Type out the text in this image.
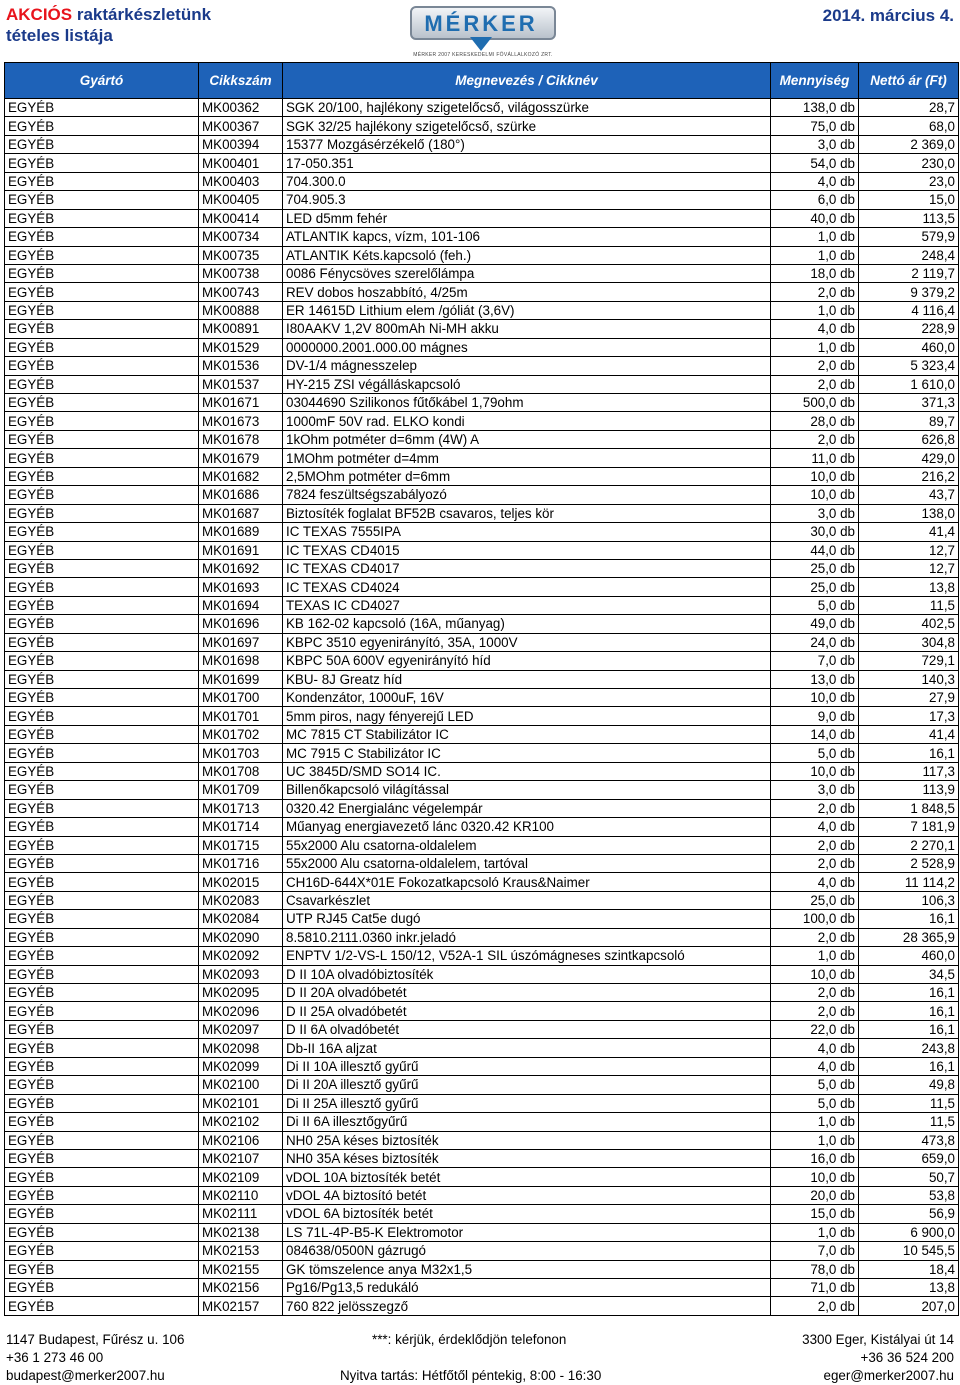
AKCIÓS raktárkészletünk
tételes listája	MÉRKER
MÉRKER 2007 KERESKEDELMI FÖVÁLLALKOZÓ ZRT.
2014. március 4.
Gyártó	Cikkszám	Megnevezés / Cikknév	Mennyiség	Nettó ár (Ft)
EGYÉB	MK00362	SGK 20/100, hajlékony szigetelőcső, világosszürke	138,0 db	28,7
EGYÉB	MK00367	SGK 32/25 hajlékony szigetelőcső, szürke	75,0 db	68,0
EGYÉB	MK00394	15377 Mozgásérzékelő (180°)	3,0 db	2 369,0
EGYÉB	MK00401	17-050.351	54,0 db	230,0
EGYÉB	MK00403	704.300.0	4,0 db	23,0
EGYÉB	MK00405	704.905.3	6,0 db	15,0
EGYÉB	MK00414	LED d5mm fehér	40,0 db	113,5
EGYÉB	MK00734	ATLANTIK kapcs, vízm, 101-106	1,0 db	579,9
EGYÉB	MK00735	ATLANTIK Kéts.kapcsoló (feh.)	1,0 db	248,4
EGYÉB	MK00738	0086 Fénycsöves szerelőlámpa	18,0 db	2 119,7
EGYÉB	MK00743	REV dobos hoszabbító, 4/25m	2,0 db	9 379,2
EGYÉB	MK00888	ER 14615D Lithium elem /góliát (3,6V)	1,0 db	4 116,4
EGYÉB	MK00891	I80AAKV 1,2V 800mAh Ni-MH akku	4,0 db	228,9
EGYÉB	MK01529	0000000.2001.000.00 mágnes	1,0 db	460,0
EGYÉB	MK01536	DV-1/4 mágnesszelep	2,0 db	5 323,4
EGYÉB	MK01537	HY-215 ZSI végálláskapcsoló	2,0 db	1 610,0
EGYÉB	MK01671	03044690 Szilikonos fűtőkábel 1,79ohm	500,0 db	371,3
EGYÉB	MK01673	1000mF 50V rad. ELKO kondi	28,0 db	89,7
EGYÉB	MK01678	1kOhm potméter d=6mm (4W) A	2,0 db	626,8
EGYÉB	MK01679	1MOhm potméter d=4mm	11,0 db	429,0
EGYÉB	MK01682	2,5MOhm potméter d=6mm	10,0 db	216,2
EGYÉB	MK01686	7824 feszültségszabályozó	10,0 db	43,7
EGYÉB	MK01687	Biztosíték foglalat BF52B csavaros, teljes kör	3,0 db	138,0
EGYÉB	MK01689	IC TEXAS 7555IPA	30,0 db	41,4
EGYÉB	MK01691	IC TEXAS CD4015	44,0 db	12,7
EGYÉB	MK01692	IC TEXAS CD4017	25,0 db	12,7
EGYÉB	MK01693	IC TEXAS CD4024	25,0 db	13,8
EGYÉB	MK01694	TEXAS IC CD4027	5,0 db	11,5
EGYÉB	MK01696	KB 162-02 kapcsoló (16A, műanyag)	49,0 db	402,5
EGYÉB	MK01697	KBPC 3510 egyenirányító, 35A, 1000V	24,0 db	304,8
EGYÉB	MK01698	KBPC 50A 600V egyenirányító híd	7,0 db	729,1
EGYÉB	MK01699	KBU- 8J Greatz híd	13,0 db	140,3
EGYÉB	MK01700	Kondenzátor, 1000uF, 16V	10,0 db	27,9
EGYÉB	MK01701	5mm piros, nagy fényerejű LED	9,0 db	17,3
EGYÉB	MK01702	MC 7815 CT Stabilizátor IC	14,0 db	41,4
EGYÉB	MK01703	MC 7915 C Stabilizátor IC	5,0 db	16,1
EGYÉB	MK01708	UC 3845D/SMD SO14 IC.	10,0 db	117,3
EGYÉB	MK01709	Billenőkapcsoló világítással	3,0 db	113,9
EGYÉB	MK01713	0320.42 Energialánc végelempár	2,0 db	1 848,5
EGYÉB	MK01714	Műanyag energiavezető lánc 0320.42 KR100	4,0 db	7 181,9
EGYÉB	MK01715	55x2000 Alu csatorna-oldalelem	2,0 db	2 270,1
EGYÉB	MK01716	55x2000 Alu csatorna-oldalelem, tartóval	2,0 db	2 528,9
EGYÉB	MK02015	CH16D-644X*01E Fokozatkapcsoló Kraus&Naimer	4,0 db	11 114,2
EGYÉB	MK02083	Csavarkészlet	25,0 db	106,3
EGYÉB	MK02084	UTP RJ45 Cat5e dugó	100,0 db	16,1
EGYÉB	MK02090	8.5810.2111.0360 inkr.jeladó	2,0 db	28 365,9
EGYÉB	MK02092	ENPTV 1/2-VS-L 150/12, V52A-1 SIL úszómágneses szintkapcsoló	1,0 db	460,0
EGYÉB	MK02093	D II 10A olvadóbiztosíték	10,0 db	34,5
EGYÉB	MK02095	D II 20A olvadóbetét	2,0 db	16,1
EGYÉB	MK02096	D II 25A olvadóbetét	2,0 db	16,1
EGYÉB	MK02097	D II 6A olvadóbetét	22,0 db	16,1
EGYÉB	MK02098	Db-II 16A aljzat	4,0 db	243,8
EGYÉB	MK02099	Di II 10A illesztő gyűrű	4,0 db	16,1
EGYÉB	MK02100	Di II 20A illesztő gyűrű	5,0 db	49,8
EGYÉB	MK02101	Di II 25A illesztő gyűrű	5,0 db	11,5
EGYÉB	MK02102	Di II 6A illesztőgyűrű	1,0 db	11,5
EGYÉB	MK02106	NH0 25A késes biztosíték	1,0 db	473,8
EGYÉB	MK02107	NH0 35A késes biztosíték	16,0 db	659,0
EGYÉB	MK02109	vDOL 10A biztosíték betét	10,0 db	50,7
EGYÉB	MK02110	vDOL 4A biztosító betét	20,0 db	53,8
EGYÉB	MK02111	vDOL 6A biztosíték betét	15,0 db	56,9
EGYÉB	MK02138	LS 71L-4P-B5-K Elektromotor	1,0 db	6 900,0
EGYÉB	MK02153	084638/0500N gázrugó	7,0 db	10 545,5
EGYÉB	MK02155	GK tömszelence anya M32x1,5	78,0 db	18,4
EGYÉB	MK02156	Pg16/Pg13,5 redukáló	71,0 db	13,8
EGYÉB	MK02157	760 822 jelösszegző	2,0 db	207,0
1147 Budapest, Fűrész u. 106
+36 1 273 46 00
budapest@merker2007.hu
***: kérjük, érdeklődjön telefonon
Nyitva tartás: Hétfőtől péntekig, 8:00 - 16:30
3300 Eger, Kistályai út 14
+36 36 524 200
eger@merker2007.hu
